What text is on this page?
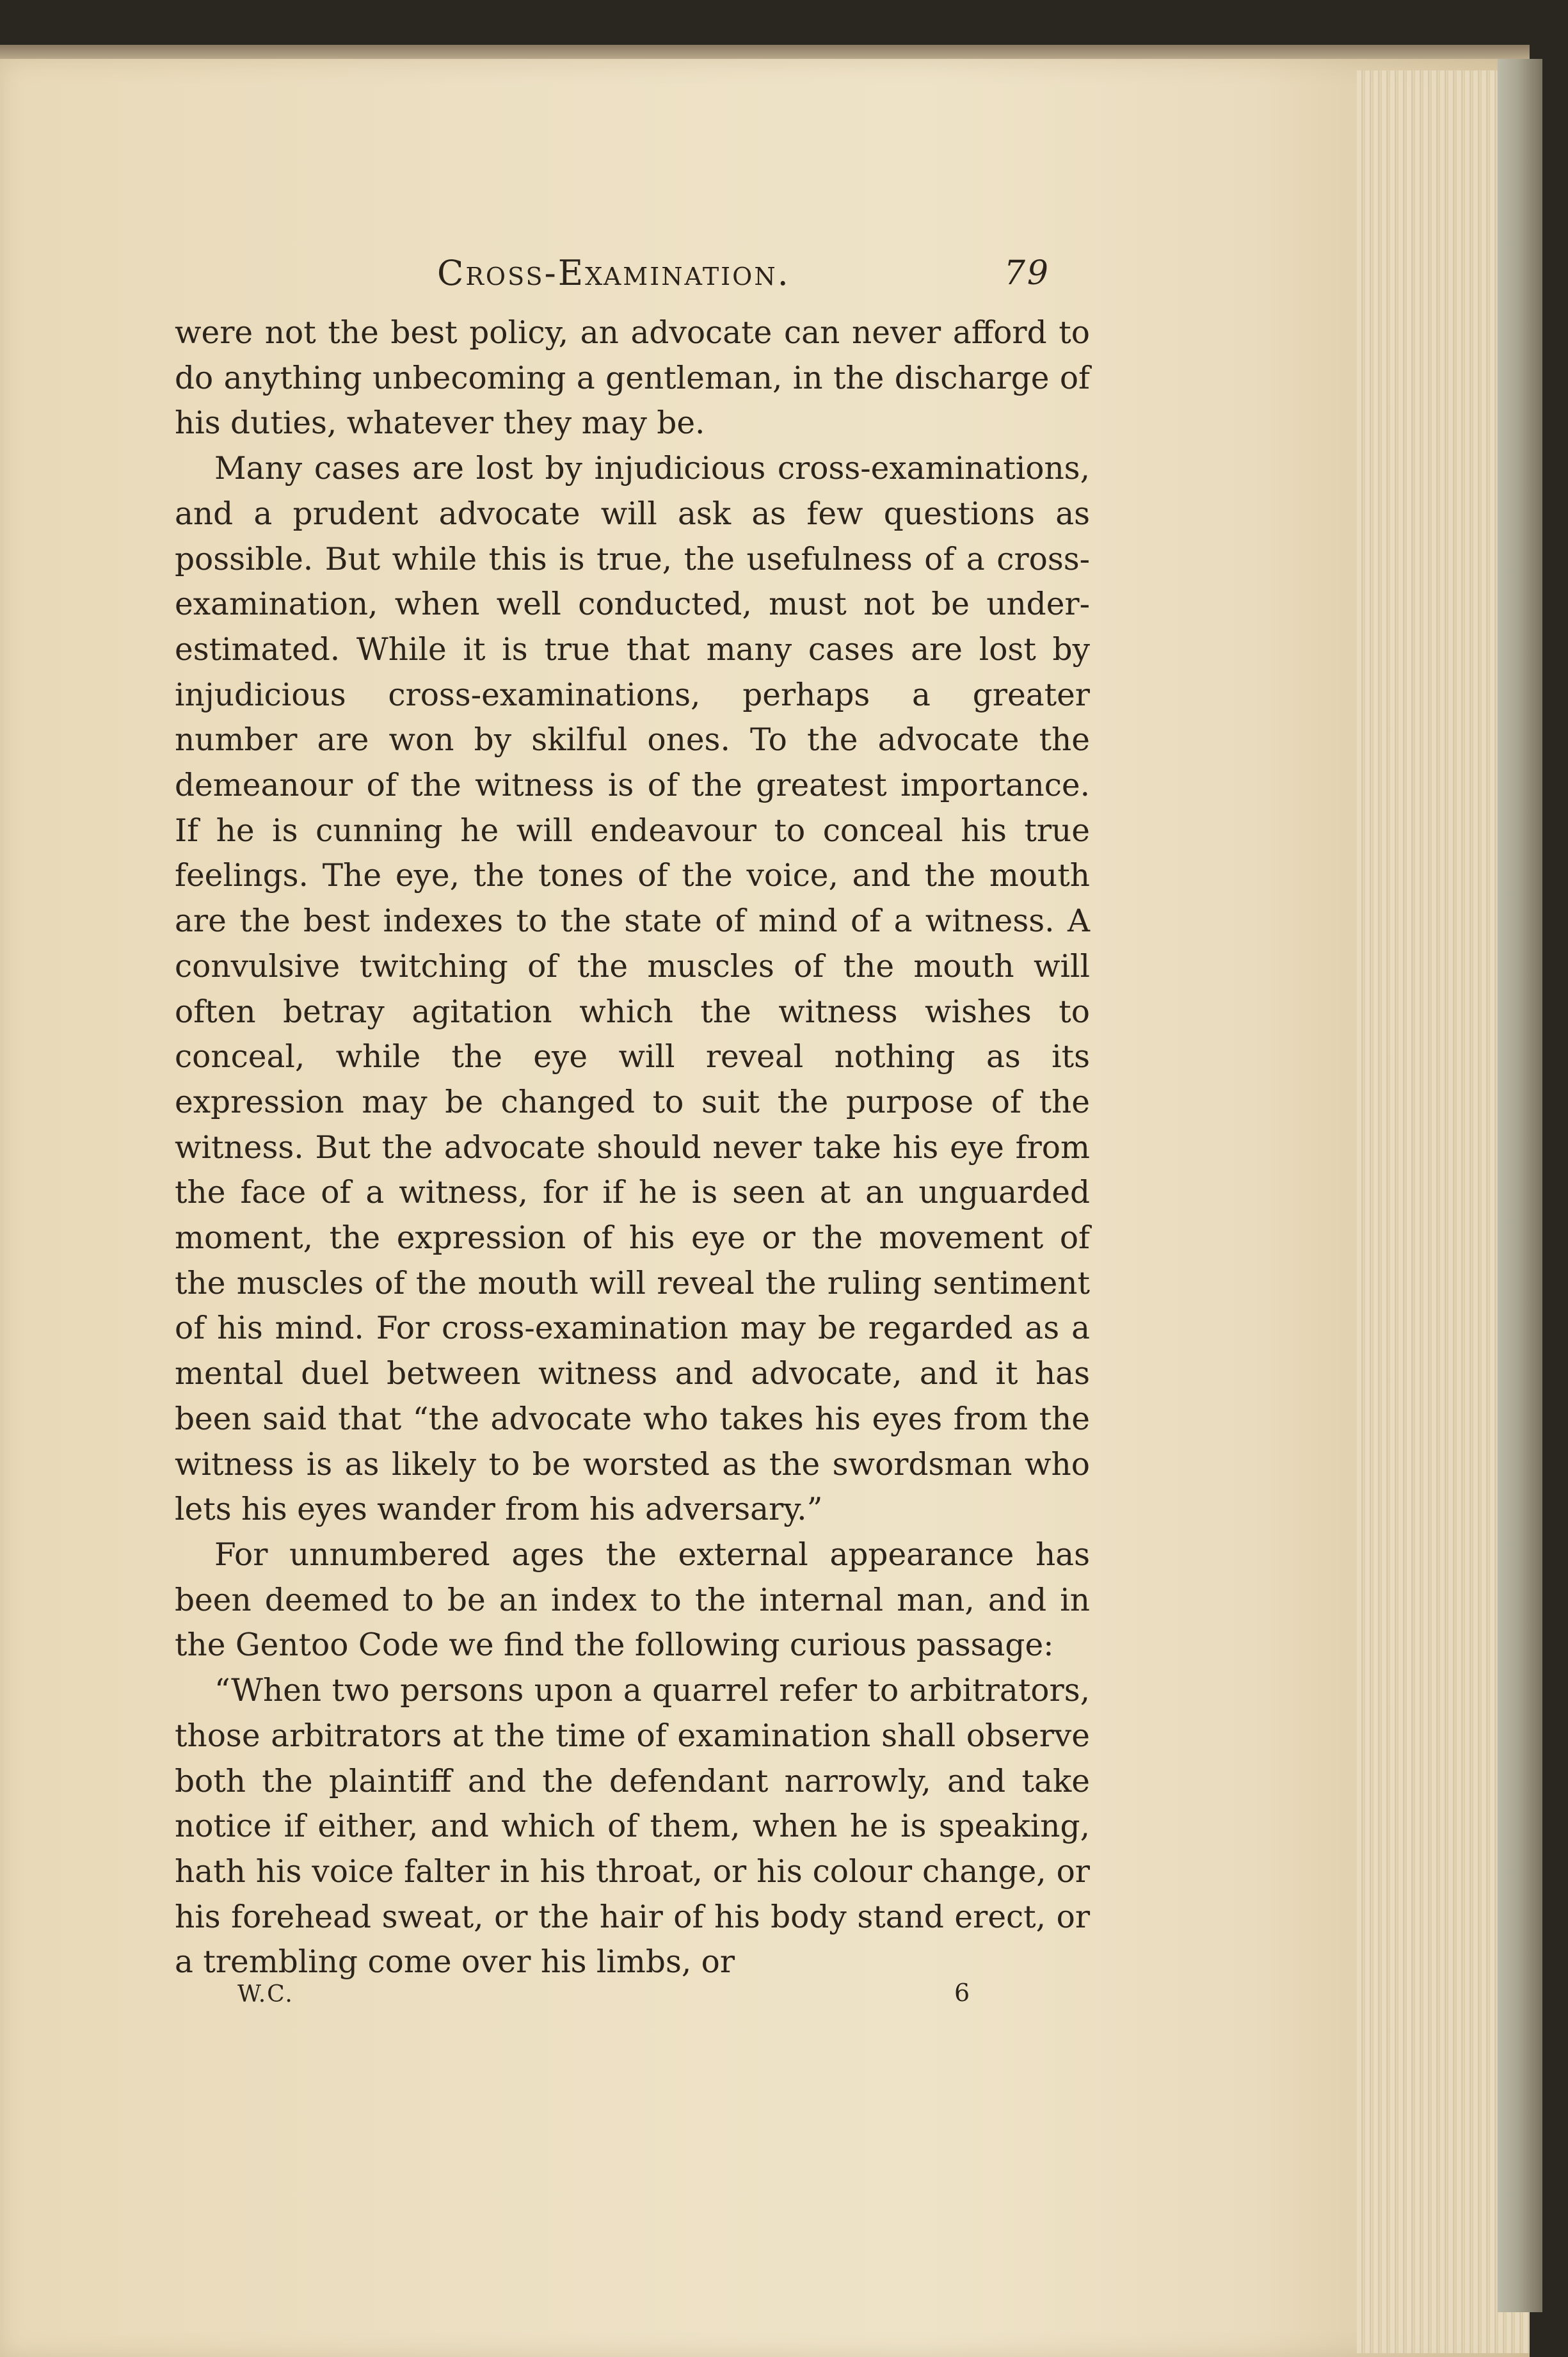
Cross-Examination.	79

were not the best policy, an advocate can never afford to do anything unbecoming a gentleman, in the discharge of his duties, whatever they may be.

Many cases are lost by injudicious cross-examinations, and a prudent advocate will ask as few questions as possible. But while this is true, the usefulness of a cross-examination, when well conducted, must not be under-estimated. While it is true that many cases are lost by injudicious cross-examinations, perhaps a greater number are won by skilful ones. To the advocate the demeanour of the witness is of the greatest importance. If he is cunning he will endeavour to conceal his true feelings. The eye, the tones of the voice, and the mouth are the best indexes to the state of mind of a witness. A convulsive twitching of the muscles of the mouth will often betray agitation which the witness wishes to conceal, while the eye will reveal nothing as its expression may be changed to suit the purpose of the witness. But the advocate should never take his eye from the face of a witness, for if he is seen at an unguarded moment, the expression of his eye or the movement of the muscles of the mouth will reveal the ruling sentiment of his mind. For cross-examination may be regarded as a mental duel between witness and advocate, and it has been said that “the advocate who takes his eyes from the witness is as likely to be worsted as the swordsman who lets his eyes wander from his adversary.”

For unnumbered ages the external appearance has been deemed to be an index to the internal man, and in the Gentoo Code we find the following curious passage:

“When two persons upon a quarrel refer to arbitrators, those arbitrators at the time of examination shall observe both the plaintiff and the defendant narrowly, and take notice if either, and which of them, when he is speaking, hath his voice falter in his throat, or his colour change, or his forehead sweat, or the hair of his body stand erect, or a trembling come over his limbs, or

W.C.	6
